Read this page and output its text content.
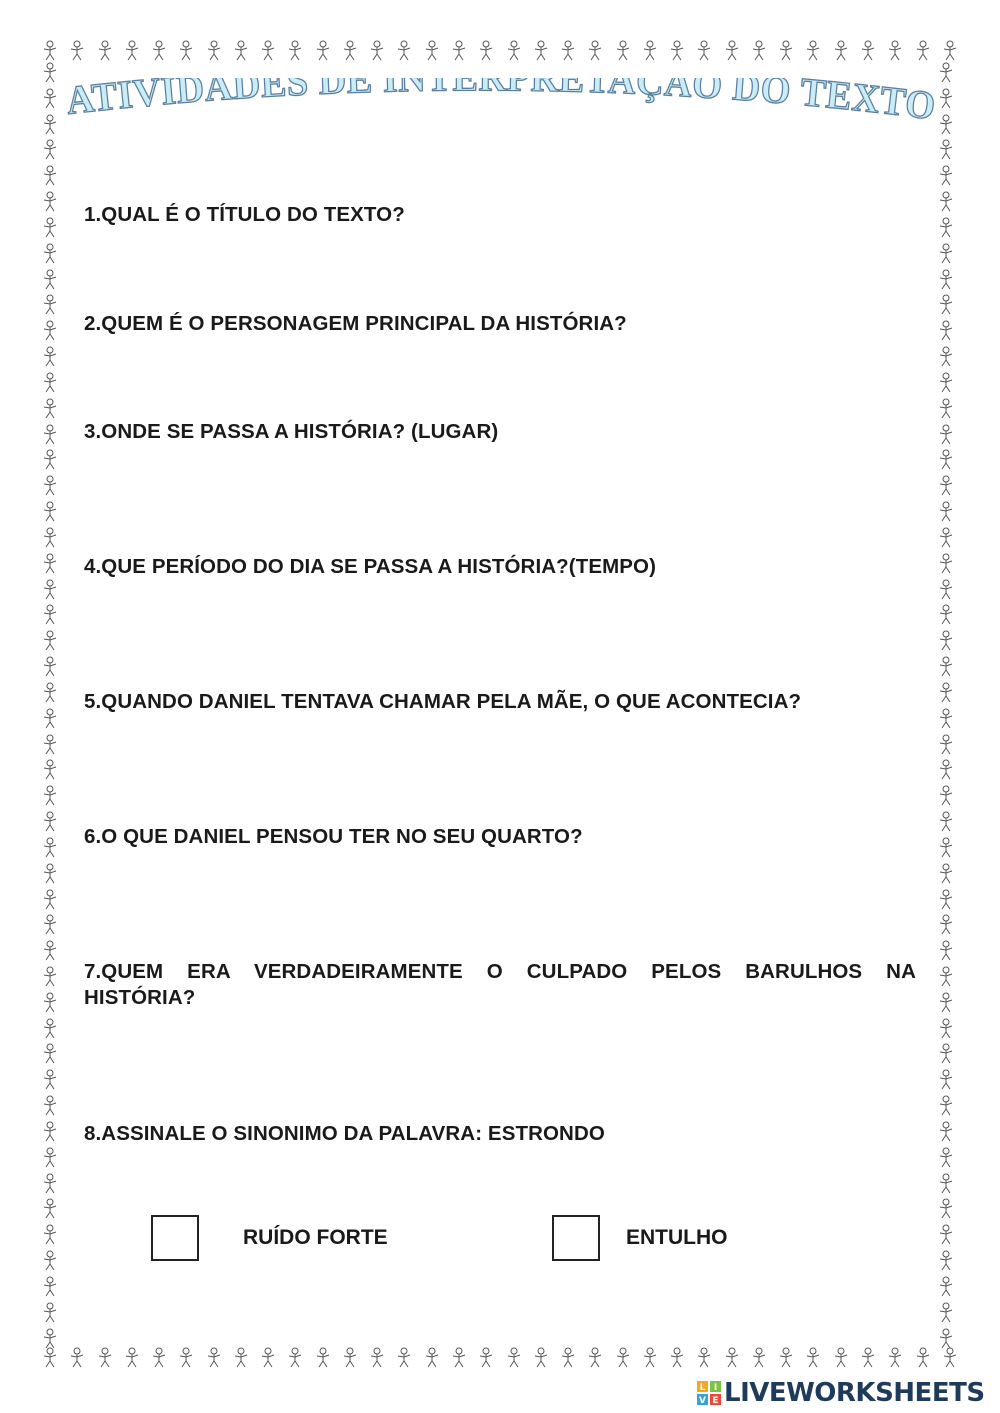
ATIVIDADES DE I ETAÇÃO DO TEXTO

1.QUAL É O TÍTULO DO TEXTO?

2.QUEM É O PERSONAGEM PRINCIPAL DA HISTÓRIA?

3.ONDE SE PASSA A HISTÓRIA? (LUGAR)

4.QUE PERÍODO DO DIA SE PASSA A HISTÓRIA?(TEMPO)

5.QUANDO DANIEL TENTAVA CHAMAR PELA MÃE, O QUE ACONTECIA?

6.O QUE DANIEL PENSOU TER NO SEU QUARTO?

7.QUEM ERA VERDADEIRAMENTE O CULPADO PELOS BARULHOS NA HISTÓRIA?

8.ASSINALE O SINONIMO DA PALAVRA: ESTRONDO

RUÍDO FORTE	ENTULHO
L I
V E LIVEWORKSHEETS
